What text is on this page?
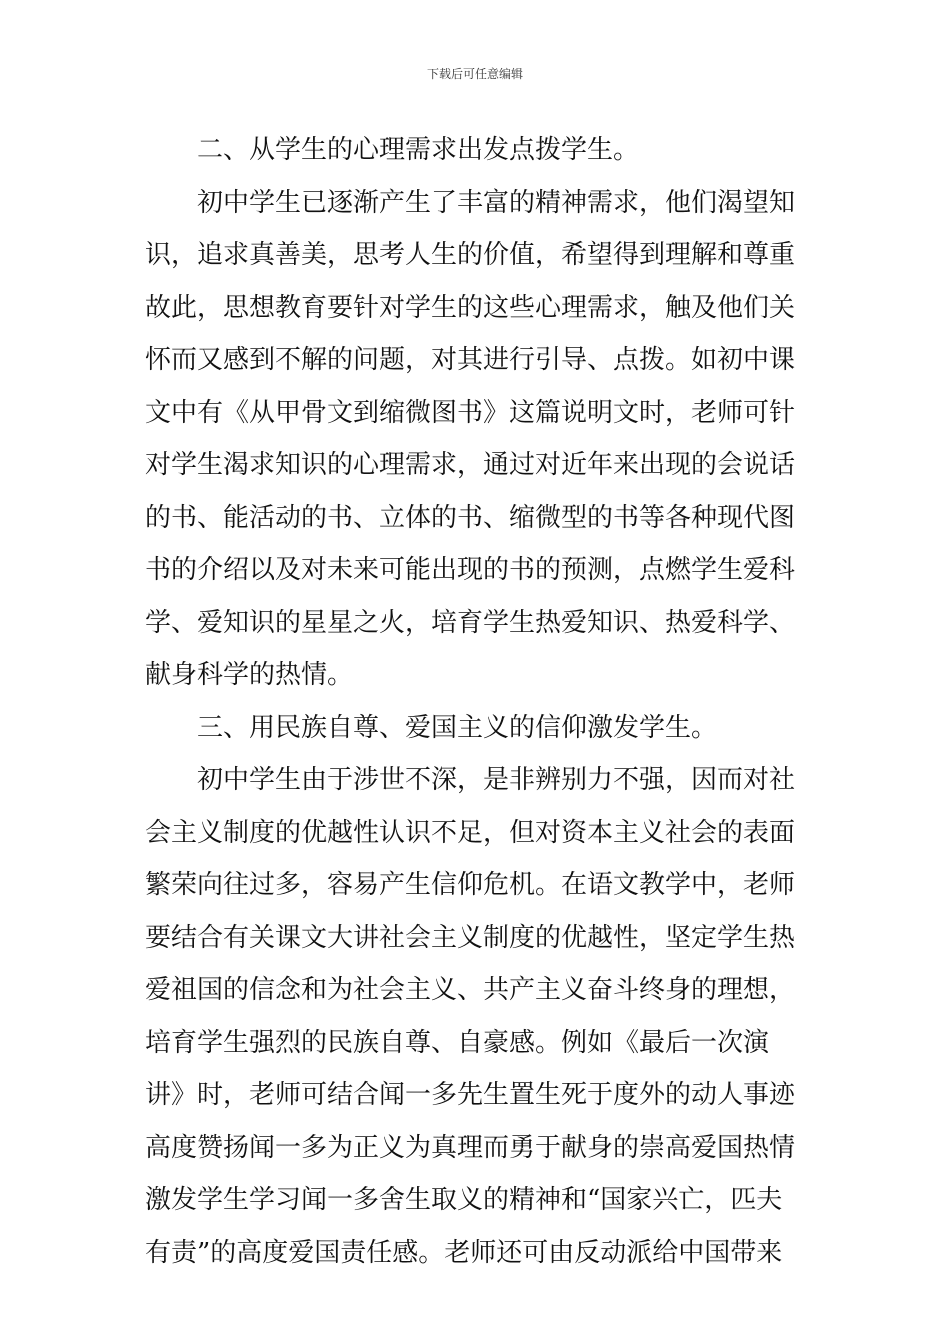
下载后可任意编辑
二、从学生的心理需求出发点拨学生。
初中学生已逐渐产生了丰富的精神需求，他们渴望知
识，追求真善美，思考人生的价值，希望得到理解和尊重
故此，思想教育要针对学生的这些心理需求，触及他们关
怀而又感到不解的问题，对其进行引导、点拨。如初中课
文中有《从甲骨文到缩微图书》这篇说明文时，老师可针
对学生渴求知识的心理需求，通过对近年来出现的会说话
的书、能活动的书、立体的书、缩微型的书等各种现代图
书的介绍以及对未来可能出现的书的预测，点燃学生爱科
学、爱知识的星星之火，培育学生热爱知识、热爱科学、
献身科学的热情。
三、用民族自尊、爱国主义的信仰激发学生。
初中学生由于涉世不深，是非辨别力不强，因而对社
会主义制度的优越性认识不足，但对资本主义社会的表面
繁荣向往过多，容易产生信仰危机。在语文教学中，老师
要结合有关课文大讲社会主义制度的优越性，坚定学生热
爱祖国的信念和为社会主义、共产主义奋斗终身的理想，
培育学生强烈的民族自尊、自豪感。例如《最后一次演
讲》时，老师可结合闻一多先生置生死于度外的动人事迹
高度赞扬闻一多为正义为真理而勇于献身的崇高爱国热情
激发学生学习闻一多舍生取义的精神和“国家兴亡，匹夫
有责”的高度爱国责任感。老师还可由反动派给中国带来
